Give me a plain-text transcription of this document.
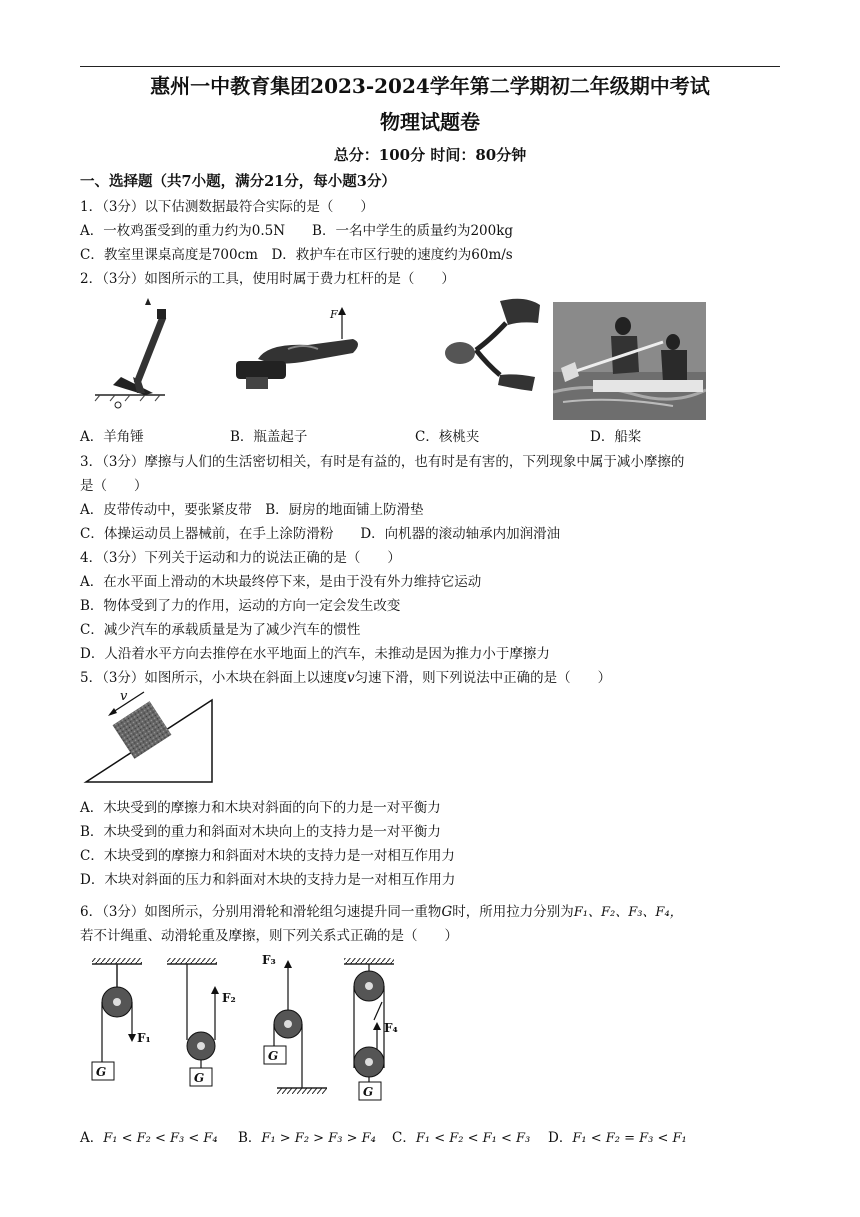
惠州一中教育集团2023-2024学年第二学期初二年级期中考试
物理试题卷
总分：100分 时间：80分钟
一、选择题（共7小题，满分21分，每小题3分）
1．（3分）以下估测数据最符合实际的是（　　）
A．一枚鸡蛋受到的重力约为0.5N　　B．一名中学生的质量约为200kg
C．教室里课桌高度是700cm　D．救护车在市区行驶的速度约为60m/s
2．（3分）如图所示的工具，使用时属于费力杠杆的是（　　）
F
A．羊角锤	B．瓶盖起子	C．核桃夹	D．船桨
3．（3分）摩擦与人们的生活密切相关，有时是有益的，也有时是有害的，下列现象中属于减小摩擦的
是（　　）
A．皮带传动中，要张紧皮带　B．厨房的地面铺上防滑垫
C．体操运动员上器械前，在手上涂防滑粉　　D．向机器的滚动轴承内加润滑油
4．（3分）下列关于运动和力的说法正确的是（　　）
A．在水平面上滑动的木块最终停下来，是由于没有外力维持它运动
B．物体受到了力的作用，运动的方向一定会发生改变
C．减少汽车的承载质量是为了减少汽车的惯性
D．人沿着水平方向去推停在水平地面上的汽车，未推动是因为推力小于摩擦力
5．（3分）如图所示，小木块在斜面上以速度v匀速下滑，则下列说法中正确的是（　　）
v
A．木块受到的摩擦力和木块对斜面的向下的力是一对平衡力
B．木块受到的重力和斜面对木块向上的支持力是一对平衡力
C．木块受到的摩擦力和斜面对木块的支持力是一对相互作用力
D．木块对斜面的压力和斜面对木块的支持力是一对相互作用力
6．（3分）如图所示，分别用滑轮和滑轮组匀速提升同一重物G时，所用拉力分别为F₁、F₂、F₃、F₄，
若不计绳重、动滑轮重及摩擦，则下列关系式正确的是（　　）
F₁
G
F₂
G
F₃
G
F₄
G
A．F₁ < F₂ < F₃ < F₄ B．F₁ > F₂ > F₃ > F₄ C．F₁ < F₂ < F₁ < F₃ D．F₁ < F₂ = F₃ < F₁
